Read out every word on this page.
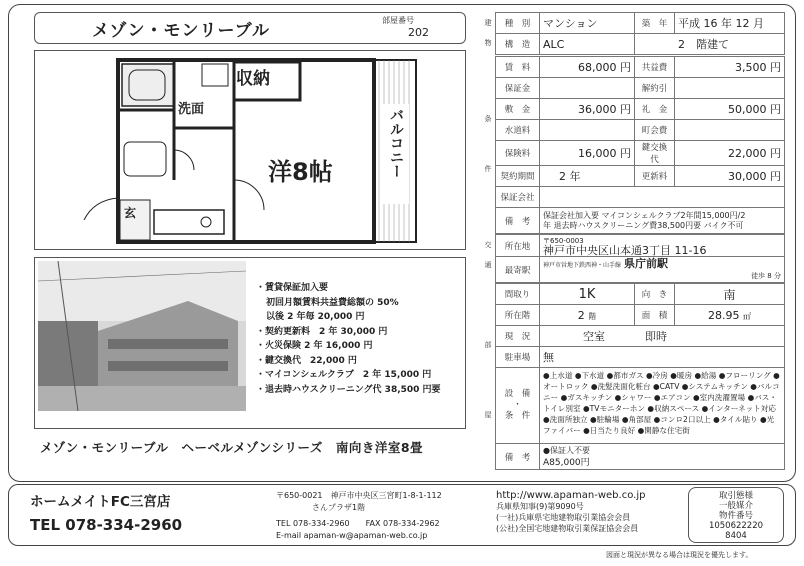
メゾン・モンリーブル
部屋番号
202
収納
洗面
洋8帖	バルコニー
玄
・賃貸保証加入要
初回月額賃料共益費総額の 50%
以後 2 年毎 20,000 円
・契約更新料　2 年 30,000 円
・火災保険 2 年 16,000 円
・鍵交換代　22,000 円
・マイコンシェルクラブ　2 年 15,000 円
・退去時ハウスクリーニング代 38,500 円要
メゾン・モンリーブル　ヘーベルメゾンシリーズ　南向き洋室8畳
建
物
条
件
交
通
部
屋
種　別	マンション	築　年	平成 16 年 12 月
構　造	ALC	2　 階建て	
賃　料	68,000 円	共益費	3,500 円
保証金		解約引	
敷　金	36,000 円	礼　金	50,000 円
水道料		町会費	
保険料	16,000 円	鍵交換代	22,000 円
契約期間	2 年	更新料	30,000 円
保証会社			
備　考	保証会社加入要 マイコンシェルクラブ2年間15,000円/2
年 退去時ハウスクリーニング費38,500円要 バイク不可		
所在地	〒650-0003
神戸市中央区山本通3丁目 11-16

最寄駅	神戸市営地下鉄西神・山手線 県庁前駅
徒歩 8 分
間取り	1K	向　き	南
所在階	2 階	面　積	28.95 ㎡
現　況	空室 即時		
駐車場	無		
設　備
・
条　件	●上水道 ●下水道 ●都市ガス ●冷房 ●暖房 ●給湯 ●フローリング ●オートロック ●洗髪洗面化粧台 ●CATV ●システムキッチン ●バルコニー ●ガスキッチン ●シャワー ●エアコン ●室内洗濯置場 ●バス・トイレ別室 ●TVモニターホン ●収納スペース ●インターネット対応 ●洗面所独立 ●駐輪場 ●角部屋 ●コンロ2口以上 ●タイル貼り ●光ファイバー ●日当たり良好 ●閑静な住宅街		
備　考	●保証人不要
A85,000円		
ホームメイトFC三宮店
TEL 078-334-2960
〒650-0021　神戸市中央区三宮町1-8-1-112
さんプラザ1階
TEL 078-334-2960　　FAX 078-334-2962
E-mail apaman-w@apaman-web.co.jp
http://www.apaman-web.co.jp
兵庫県知事(9)第9090号
(一社)兵庫県宅地建物取引業協会会員
(公社)全国宅地建物取引業保証協会会員
取引態様
一般媒介
物件番号
1050622220
8404
図面と現況が異なる場合は現況を優先します。
